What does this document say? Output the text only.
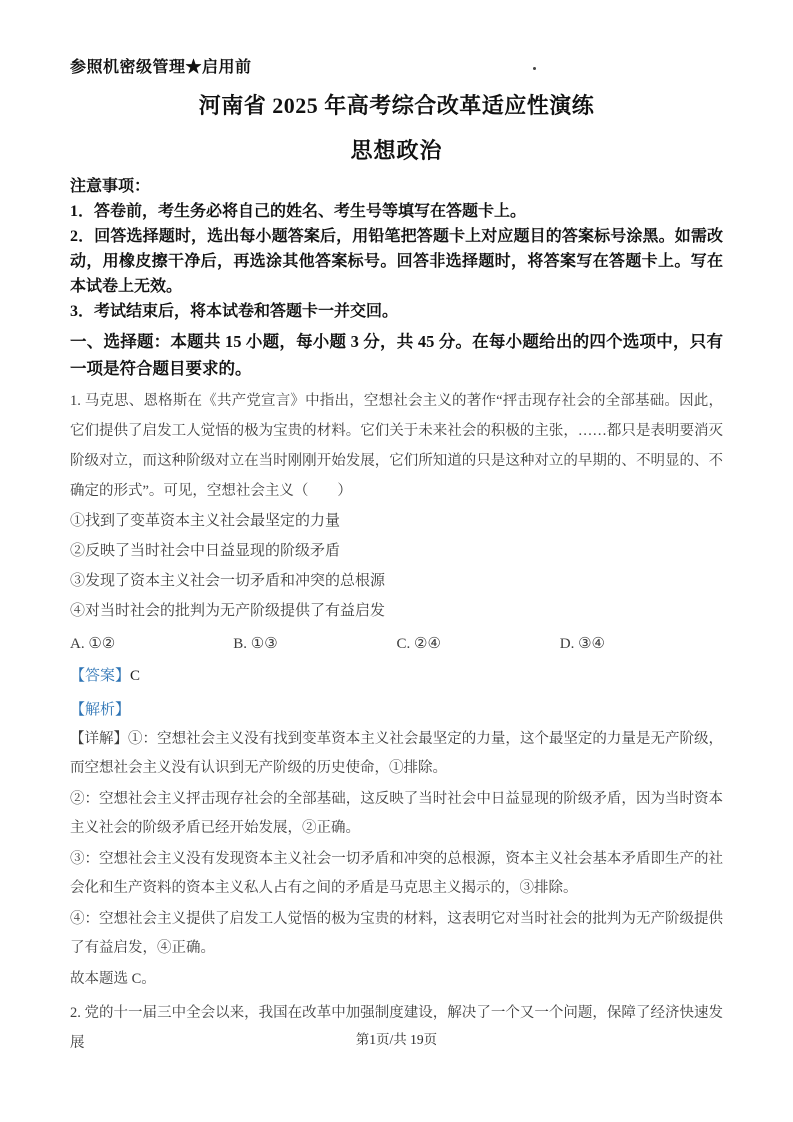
参照机密级管理★启用前
河南省 2025 年高考综合改革适应性演练
思想政治
注意事项：

1．答卷前，考生务必将自己的姓名、考生号等填写在答题卡上。

2．回答选择题时，选出每小题答案后，用铅笔把答题卡上对应题目的答案标号涂黑。如需改动，用橡皮擦干净后，再选涂其他答案标号。回答非选择题时，将答案写在答题卡上。写在本试卷上无效。

3．考试结束后，将本试卷和答题卡一并交回。

一、选择题：本题共 15 小题，每小题 3 分，共 45 分。在每小题给出的四个选项中，只有一项是符合题目要求的。
1. 马克思、恩格斯在《共产党宣言》中指出，空想社会主义的著作“抨击现存社会的全部基础。因此，它们提供了启发工人觉悟的极为宝贵的材料。它们关于未来社会的积极的主张，……都只是表明要消灭阶级对立，而这种阶级对立在当时刚刚开始发展，它们所知道的只是这种对立的早期的、不明显的、不确定的形式”。可见，空想社会主义（　　）
①找到了变革资本主义社会最坚定的力量
②反映了当时社会中日益显现的阶级矛盾
③发现了资本主义社会一切矛盾和冲突的总根源
④对当时社会的批判为无产阶级提供了有益启发
A. ①②	B. ①③	C. ②④	D. ③④
【答案】C
【解析】

【详解】①：空想社会主义没有找到变革资本主义社会最坚定的力量，这个最坚定的力量是无产阶级，而空想社会主义没有认识到无产阶级的历史使命，①排除。

②：空想社会主义抨击现存社会的全部基础，这反映了当时社会中日益显现的阶级矛盾，因为当时资本主义社会的阶级矛盾已经开始发展，②正确。

③：空想社会主义没有发现资本主义社会一切矛盾和冲突的总根源，资本主义社会基本矛盾即生产的社会化和生产资料的资本主义私人占有之间的矛盾是马克思主义揭示的，③排除。

④：空想社会主义提供了启发工人觉悟的极为宝贵的材料，这表明它对当时社会的批判为无产阶级提供了有益启发，④正确。

故本题选 C。

2. 党的十一届三中全会以来，我国在改革中加强制度建设，解决了一个又一个问题，保障了经济快速发展	第1页/共 19页
